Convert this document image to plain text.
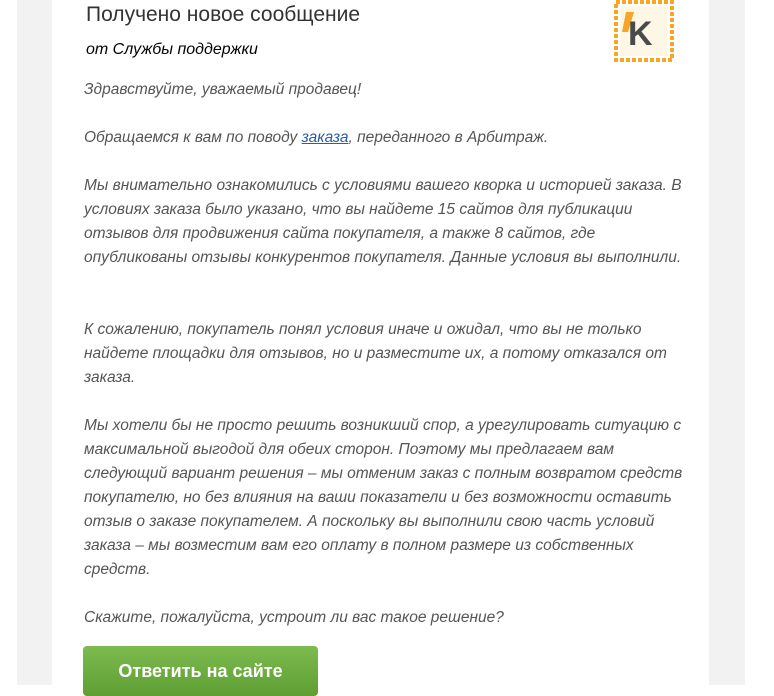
Получено новое сообщение

от Службы поддержки	K

Здравствуйте, уважаемый продавец!

Обращаемся к вам по поводу заказа, переданного в Арбитраж.

Мы внимательно ознакомились с условиями вашего кворка и историей заказа. В условиях заказа было указано, что вы найдете 15 сайтов для публикации отзывов для продвижения сайта покупателя, а также 8 сайтов, где опубликованы отзывы конкурентов покупателя. Данные условия вы выполнили.

К сожалению, покупатель понял условия иначе и ожидал, что вы не только найдете площадки для отзывов, но и разместите их, а потому отказался от заказа.

Мы хотели бы не просто решить возникший спор, а урегулировать ситуацию с максимальной выгодой для обеих сторон. Поэтому мы предлагаем вам следующий вариант решения – мы отменим заказ с полным возвратом средств покупателю, но без влияния на ваши показатели и без возможности оставить отзыв о заказе покупателем. А поскольку вы выполнили свою часть условий заказа – мы возместим вам его оплату в полном размере из собственных средств.

Скажите, пожалуйста, устроит ли вас такое решение?

Ответить на сайте
